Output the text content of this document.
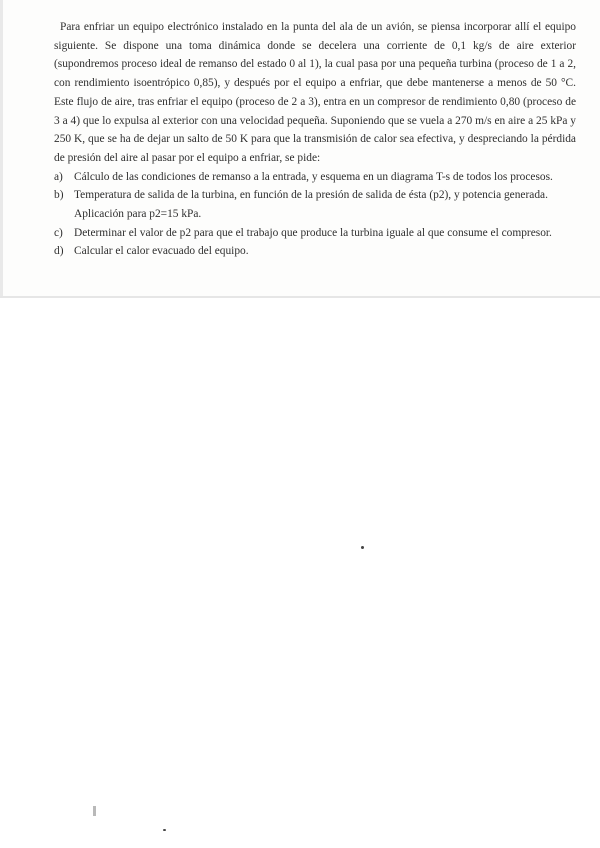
Para enfriar un equipo electrónico instalado en la punta del ala de un avión, se piensa incorporar allí el equipo siguiente. Se dispone una toma dinámica donde se decelera una corriente de 0,1 kg/s de aire exterior (supondremos proceso ideal de remanso del estado 0 al 1), la cual pasa por una pequeña turbina (proceso de 1 a 2, con rendimiento isoentrópico 0,85), y después por el equipo a enfriar, que debe mantenerse a menos de 50 °C. Este flujo de aire, tras enfriar el equipo (proceso de 2 a 3), entra en un compresor de rendimiento 0,80 (proceso de 3 a 4) que lo expulsa al exterior con una velocidad pequeña. Suponiendo que se vuela a 270 m/s en aire a 25 kPa y 250 K, que se ha de dejar un salto de 50 K para que la transmisión de calor sea efectiva, y despreciando la pérdida de presión del aire al pasar por el equipo a enfriar, se pide:

a) Cálculo de las condiciones de remanso a la entrada, y esquema en un diagrama T-s de todos los procesos.
b) Temperatura de salida de la turbina, en función de la presión de salida de ésta (p2), y potencia generada. Aplicación para p2=15 kPa.
c) Determinar el valor de p2 para que el trabajo que produce la turbina iguale al que consume el compresor.
d) Calcular el calor evacuado del equipo.
